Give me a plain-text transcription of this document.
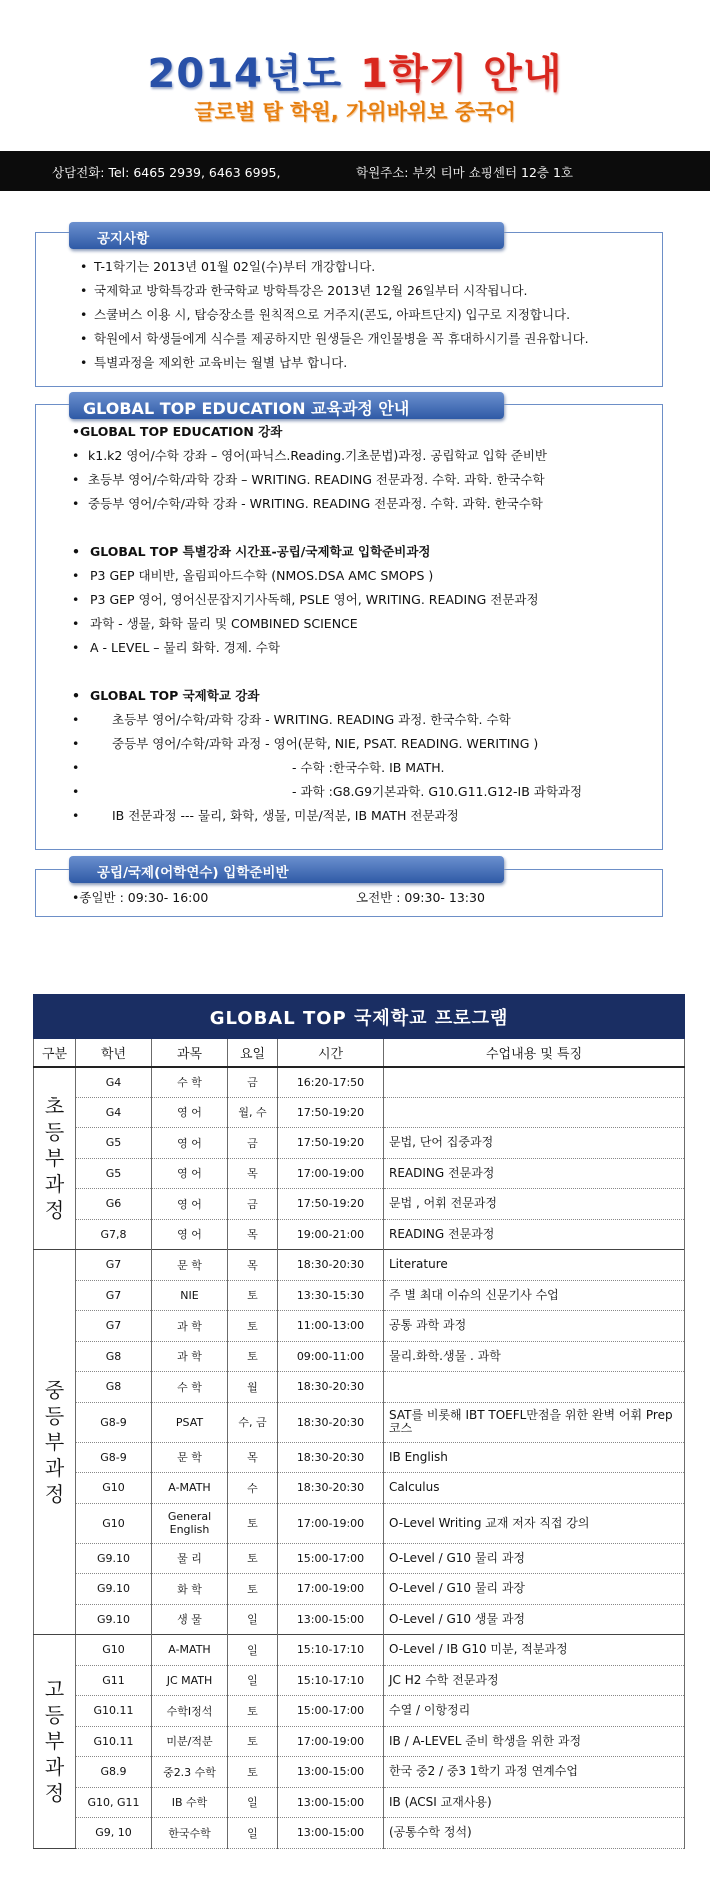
2014년도 1학기 안내
글로벌 탑 학원, 가위바위보 중국어
상담전화: Tel: 6465 2939, 6463 6995,	학원주소: 부킷 티마 쇼핑센터 12층 1호
공지사항
• T-1학기는 2013년 01월 02일(수)부터 개강합니다.
• 국제학교 방학특강과 한국학교 방학특강은 2013년 12월 26일부터 시작됩니다.
• 스쿨버스 이용 시, 탑승장소를 원칙적으로 거주지(콘도, 아파트단지) 입구로 지정합니다.
• 학원에서 학생들에게 식수를 제공하지만 원생들은 개인물병을 꼭 휴대하시기를 권유합니다.
• 특별과정을 제외한 교육비는 월별 납부 합니다.
GLOBAL TOP EDUCATION 교육과정 안내
•GLOBAL TOP EDUCATION 강좌
• k1.k2 영어/수학 강좌 – 영어(파닉스.Reading.기초문법)과정. 공립학교 입학 준비반
• 초등부 영어/수학/과학 강좌 – WRITING. READING 전문과정. 수학. 과학. 한국수학
• 중등부 영어/수학/과학 강좌 - WRITING. READING 전문과정. 수학. 과학. 한국수학
• GLOBAL TOP 특별강좌 시간표-공립/국제학교 입학준비과정
• P3 GEP 대비반, 올림피아드수학 (NMOS.DSA AMC SMOPS )
• P3 GEP 영어, 영어신문잡지기사독해, PSLE 영어, WRITING. READING 전문과정
• 과학 - 생물, 화학 물리 및 COMBINED SCIENCE
• A - LEVEL – 물리 화학. 경제. 수학
• GLOBAL TOP 국제학교 강좌
• 초등부 영어/수학/과학 강좌 - WRITING. READING 과정. 한국수학. 수학
• 중등부 영어/수학/과학 과정 - 영어(문학, NIE, PSAT. READING. WERITING )
• - 수학 :한국수학. IB MATH.
• - 과학 :G8.G9기본과학. G10.G11.G12-IB 과학과정
• IB 전문과정 --- 물리, 화학, 생물, 미분/적분, IB MATH 전문과정
공립/국제(어학연수) 입학준비반
•종일반 : 09:30- 16:00	오전반 : 09:30- 13:30
GLOBAL TOP 국제학교 프로그램					
구분	학년	과목	요일	시간	수업내용 및 특징
초
등
부
과
정	G4	수 학	금	16:20-17:50	
	G4	영 어	월, 수	17:50-19:20	
	G5	영 어	금	17:50-19:20	문법, 단어 집중과정
	G5	영 어	목	17:00-19:00	READING 전문과정
	G6	영 어	금	17:50-19:20	문법 , 어휘 전문과정
	G7,8	영 어	목	19:00-21:00	READING 전문과정
중
등
부
과
정	G7	문 학	목	18:30-20:30	Literature
	G7	NIE	토	13:30-15:30	주 별 최대 이슈의 신문기사 수업
	G7	과 학	토	11:00-13:00	공통 과학 과정
	G8	과 학	토	09:00-11:00	물리.화학.생물 . 과학
	G8	수 학	월	18:30-20:30	
	G8-9	PSAT	수, 금	18:30-20:30	SAT를 비롯해 IBT TOEFL만점을 위한 완벽 어휘 Prep 코스
	G8-9	문 학	목	18:30-20:30	IB English
	G10	A-MATH	수	18:30-20:30	Calculus
	G10	General English	토	17:00-19:00	O-Level Writing 교재 저자 직접 강의
	G9.10	물 리	토	15:00-17:00	O-Level / G10 물리 과정
	G9.10	화 학	토	17:00-19:00	O-Level / G10 물리 과장
	G9.10	생 물	일	13:00-15:00	O-Level / G10 생물 과정
고
등
부
과
정	G10	A-MATH	일	15:10-17:10	O-Level / IB G10 미분, 적분과정
	G11	JC MATH	일	15:10-17:10	JC H2 수학 전문과정
	G10.11	수학Ⅰ정석	토	15:00-17:00	수열 / 이항정리
	G10.11	미분/적분	토	17:00-19:00	IB / A-LEVEL 준비 학생을 위한 과정
	G8.9	중2.3 수학	토	13:00-15:00	한국 중2 / 중3 1학기 과정 연계수업
	G10, G11	IB 수학	일	13:00-15:00	IB (ACSI 교재사용)
	G9, 10	한국수학	일	13:00-15:00	(공통수학 정석)
